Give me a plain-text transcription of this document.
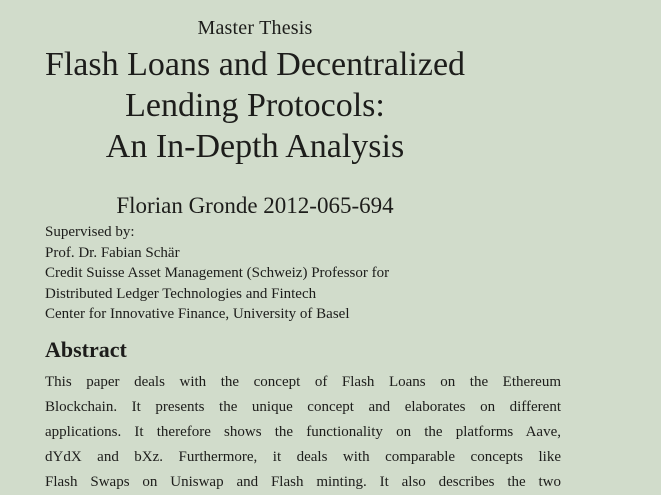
Master Thesis
Flash Loans and Decentralized
Lending Protocols:
An In-Depth Analysis
Florian Gronde 2012-065-694
Supervised by:
Prof. Dr. Fabian Schär
Credit Suisse Asset Management (Schweiz) Professor for
Distributed Ledger Technologies and Fintech
Center for Innovative Finance, University of Basel
Abstract
This paper deals with the concept of Flash Loans on the Ethereum
Blockchain. It presents the unique concept and elaborates on different
applications. It therefore shows the functionality on the platforms Aave,
dYdX and bXz. Furthermore, it deals with comparable concepts like
Flash Swaps on Uniswap and Flash minting. It also describes the two
